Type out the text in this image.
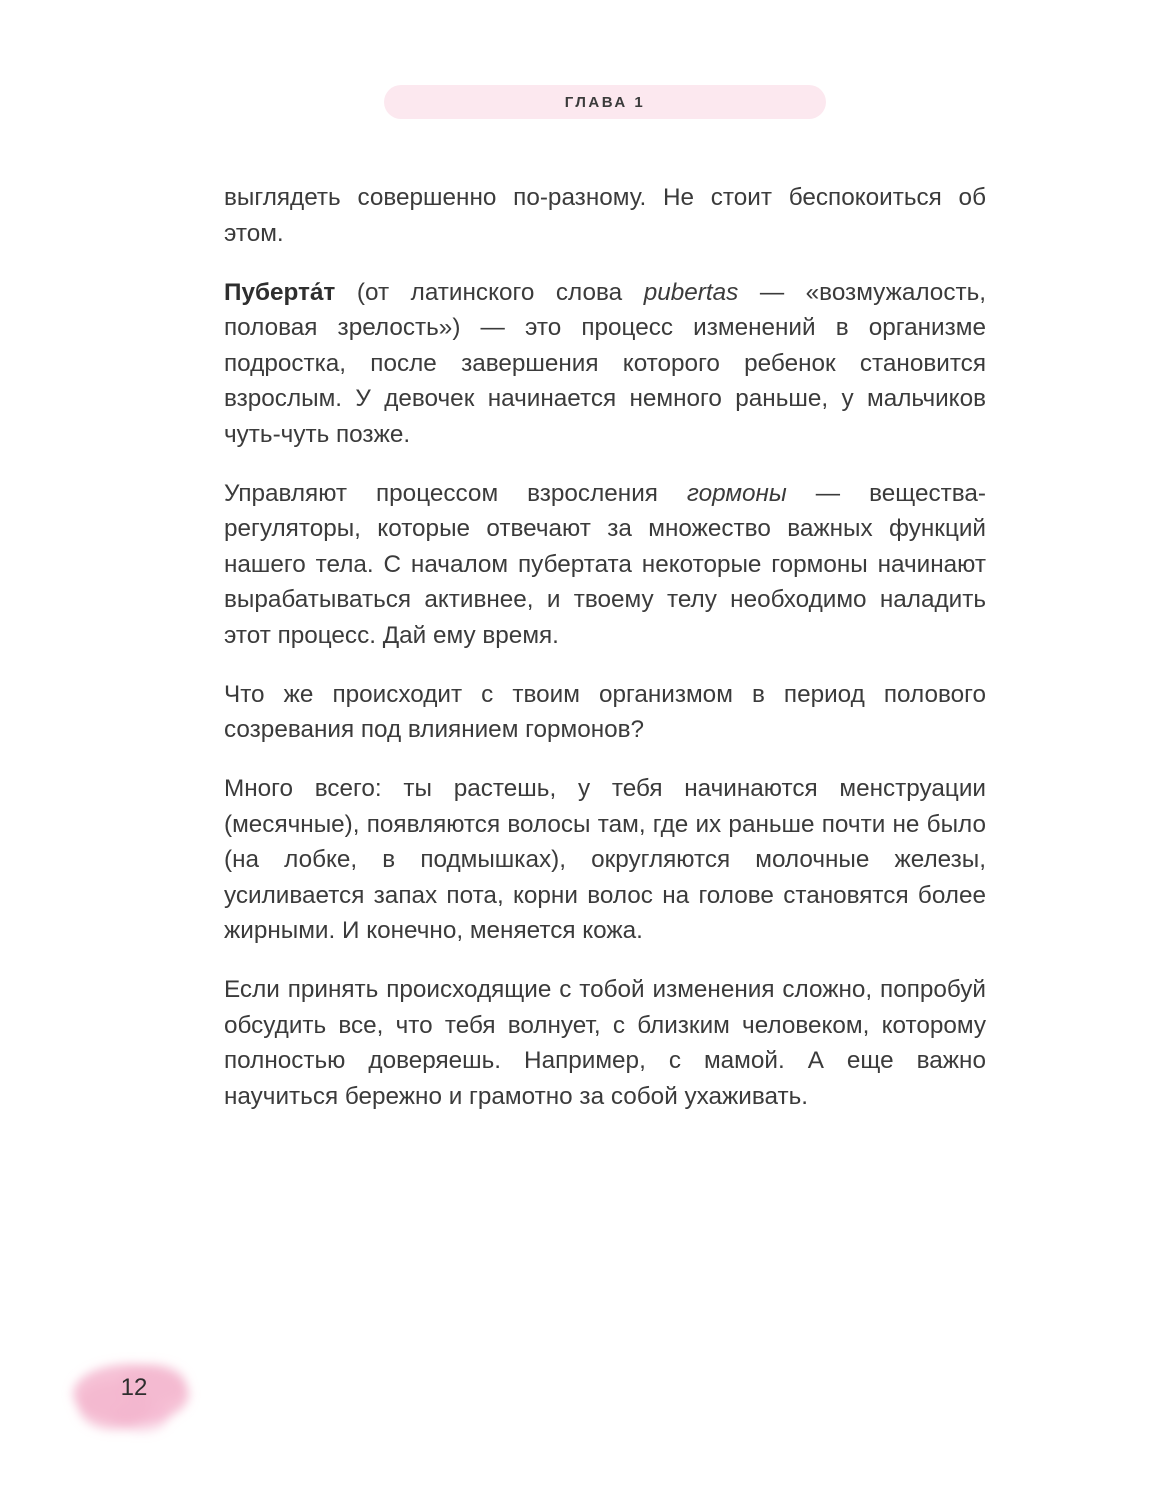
ГЛАВА 1

выглядеть совершенно по-разному. Не стоит беспокоиться об этом.

Пуберта́т (от латинского слова pubertas — «возмужалость, половая зрелость») — это процесс изменений в организме подростка, после завершения которого ребенок становится взрослым. У девочек начинается немного раньше, у мальчиков чуть-чуть позже.

Управляют процессом взросления гормоны — вещества-регуляторы, которые отвечают за множество важных функций нашего тела. С началом пубертата некоторые гормоны начинают вырабатываться активнее, и твоему телу необходимо наладить этот процесс. Дай ему время.

Что же происходит с твоим организмом в период полового созревания под влиянием гормонов?

Много всего: ты растешь, у тебя начинаются менструации (месячные), появляются волосы там, где их раньше почти не было (на лобке, в подмышках), округляются молочные железы, усиливается запах пота, корни волос на голове становятся более жирными. И конечно, меняется кожа.

Если принять происходящие с тобой изменения сложно, попробуй обсудить все, что тебя волнует, с близким человеком, которому полностью доверяешь. Например, с мамой. А еще важно научиться бережно и грамотно за собой ухаживать.

12
